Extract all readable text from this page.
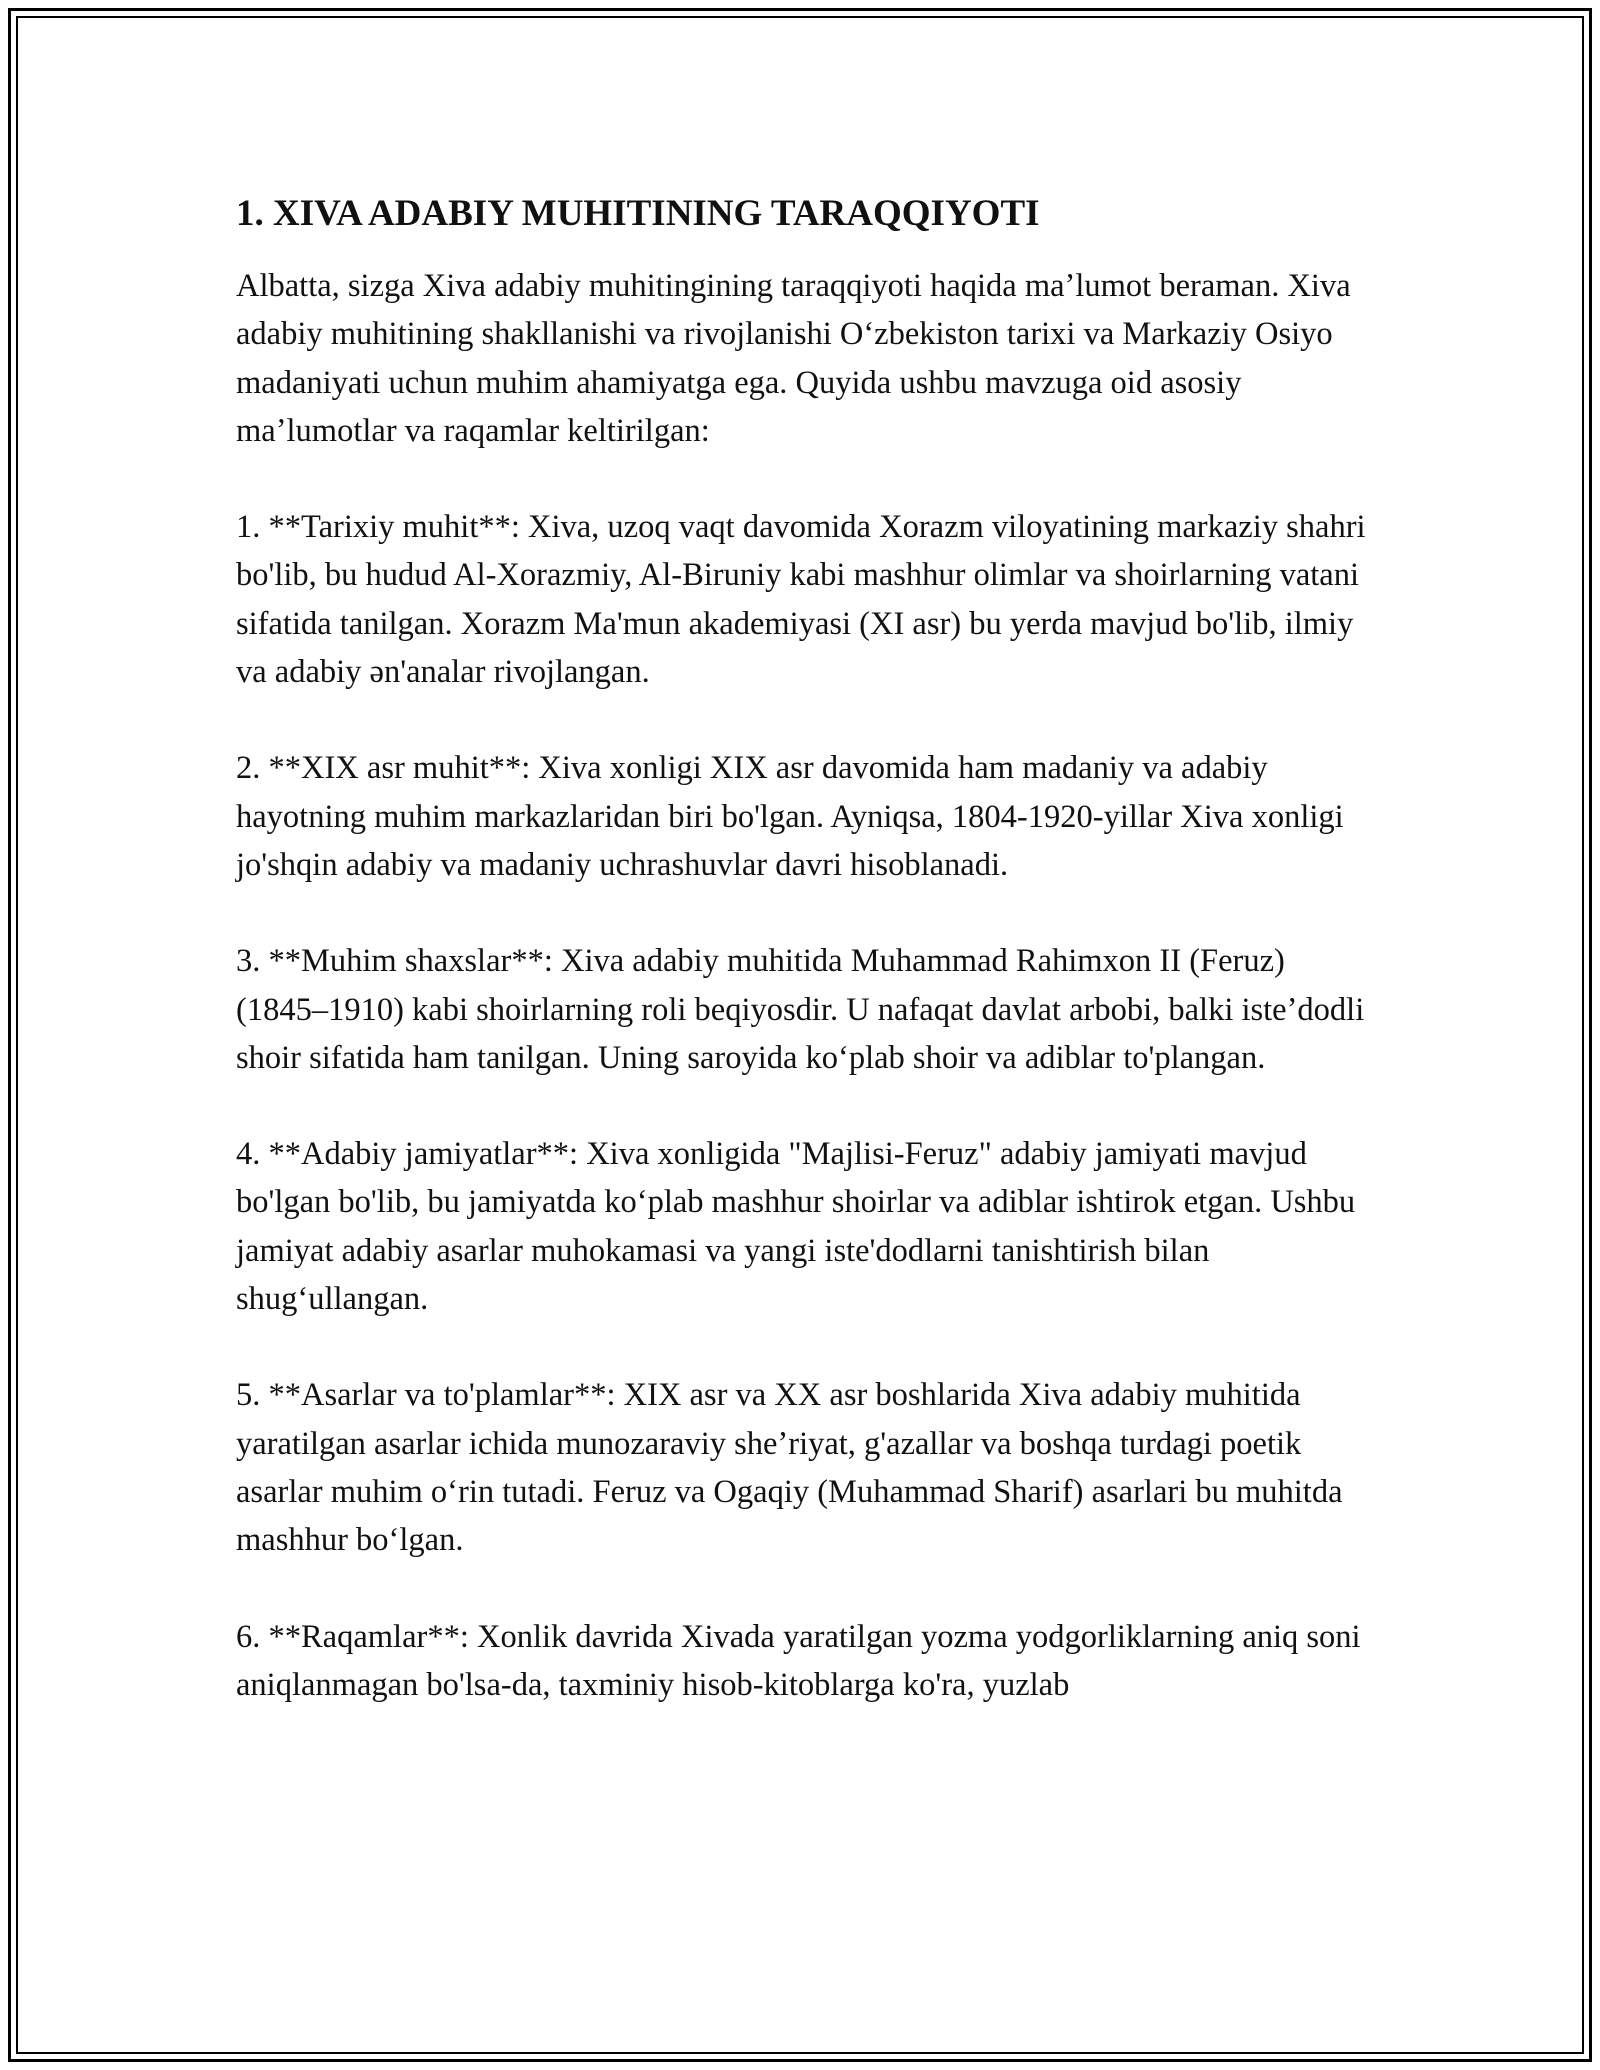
1. XIVA ADABIY MUHITINING TARAQQIYOTI

Albatta, sizga Xiva adabiy muhitingining taraqqiyoti haqida maʼlumot beraman. Xiva adabiy muhitining shakllanishi va rivojlanishi Oʻzbekiston tarixi va Markaziy Osiyo madaniyati uchun muhim ahamiyatga ega. Quyida ushbu mavzuga oid asosiy maʼlumotlar va raqamlar keltirilgan:

1. **Tarixiy muhit**: Xiva, uzoq vaqt davomida Xorazm viloyatining markaziy shahri bo'lib, bu hudud Al-Xorazmiy, Al-Biruniy kabi mashhur olimlar va shoirlarning vatani sifatida tanilgan. Xorazm Ma'mun akademiyasi (XI asr) bu yerda mavjud bo'lib, ilmiy va adabiy ən'analar rivojlangan.

2. **XIX asr muhit**: Xiva xonligi XIX asr davomida ham madaniy va adabiy hayotning muhim markazlaridan biri bo'lgan. Ayniqsa, 1804-1920-yillar Xiva xonligi jo'shqin adabiy va madaniy uchrashuvlar davri hisoblanadi.

3. **Muhim shaxslar**: Xiva adabiy muhitida Muhammad Rahimxon II (Feruz) (1845–1910) kabi shoirlarning roli beqiyosdir. U nafaqat davlat arbobi, balki isteʼdodli shoir sifatida ham tanilgan. Uning saroyida koʻplab shoir va adiblar to'plangan.

4. **Adabiy jamiyatlar**: Xiva xonligida "Majlisi-Feruz" adabiy jamiyati mavjud bo'lgan bo'lib, bu jamiyatda koʻplab mashhur shoirlar va adiblar ishtirok etgan. Ushbu jamiyat adabiy asarlar muhokamasi va yangi iste'dodlarni tanishtirish bilan shugʻullangan.

5. **Asarlar va to'plamlar**: XIX asr va XX asr boshlarida Xiva adabiy muhitida yaratilgan asarlar ichida munozaraviy sheʼriyat, g'azallar va boshqa turdagi poetik asarlar muhim oʻrin tutadi. Feruz va Ogaqiy (Muhammad Sharif) asarlari bu muhitda mashhur boʻlgan.

6. **Raqamlar**: Xonlik davrida Xivada yaratilgan yozma yodgorliklarning aniq soni aniqlanmagan bo'lsa-da, taxminiy hisob-kitoblarga ko'ra, yuzlab
